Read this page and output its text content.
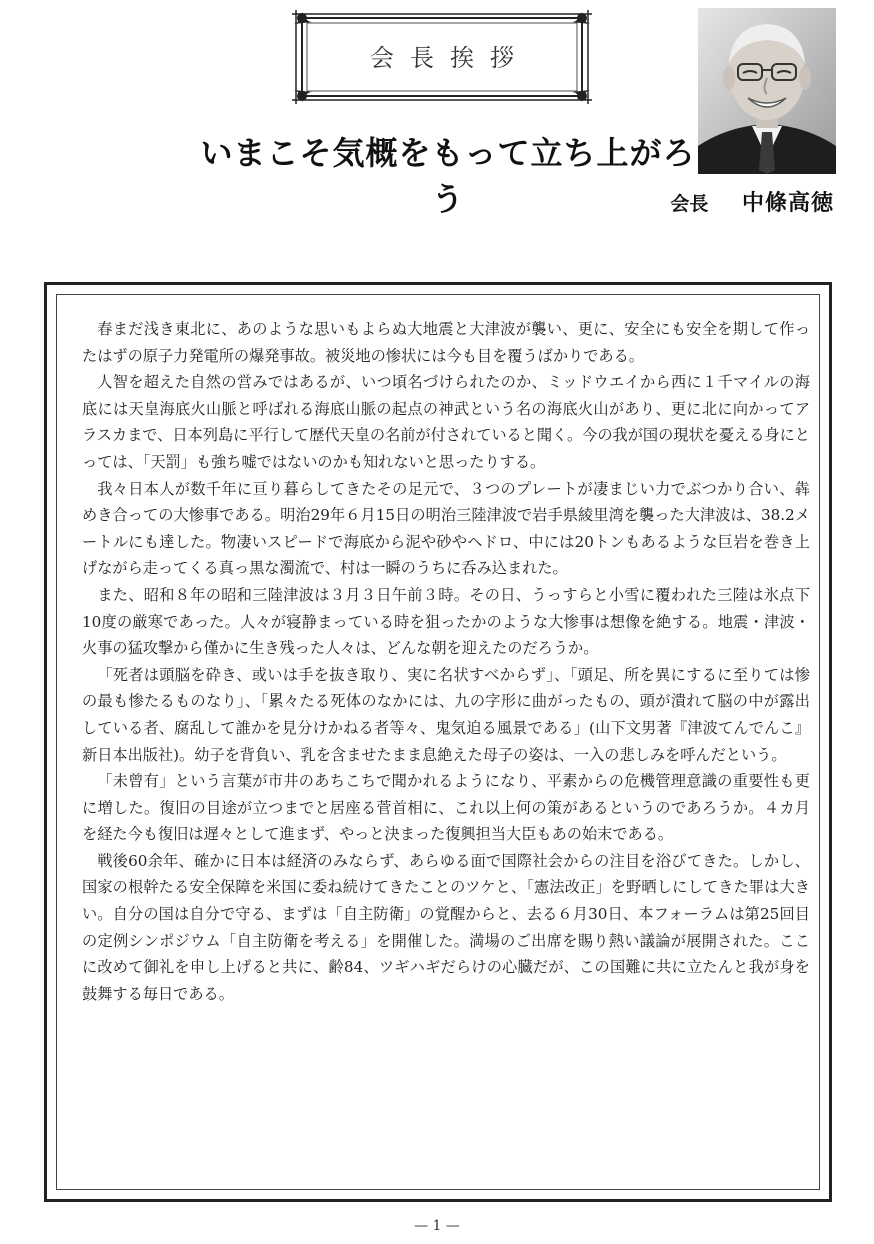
会長挨拶
いまこそ気概をもって立ち上がろう	会長 中條高徳

春まだ浅き東北に、あのような思いもよらぬ大地震と大津波が襲い、更に、安全にも安全を期して作ったはずの原子力発電所の爆発事故。被災地の惨状には今も目を覆うばかりである。

人智を超えた自然の営みではあるが、いつ頃名づけられたのか、ミッドウエイから西に１千マイルの海底には天皇海底火山脈と呼ばれる海底山脈の起点の神武という名の海底火山があり、更に北に向かってアラスカまで、日本列島に平行して歴代天皇の名前が付されていると聞く。今の我が国の現状を憂える身にとっては、「天罰」も強ち嘘ではないのかも知れないと思ったりする。

我々日本人が数千年に亘り暮らしてきたその足元で、３つのプレートが凄まじい力でぶつかり合い、犇めき合っての大惨事である。明治29年６月15日の明治三陸津波で岩手県綾里湾を襲った大津波は、38.2メートルにも達した。物凄いスピードで海底から泥や砂やヘドロ、中には20トンもあるような巨岩を巻き上げながら走ってくる真っ黒な濁流で、村は一瞬のうちに呑み込まれた。

また、昭和８年の昭和三陸津波は３月３日午前３時。その日、うっすらと小雪に覆われた三陸は氷点下10度の厳寒であった。人々が寝静まっている時を狙ったかのような大惨事は想像を絶する。地震・津波・火事の猛攻撃から僅かに生き残った人々は、どんな朝を迎えたのだろうか。

「死者は頭脳を砕き、或いは手を抜き取り、実に名状すべからず」、「頭足、所を異にするに至りては惨の最も惨たるものなり」、「累々たる死体のなかには、九の字形に曲がったもの、頭が潰れて脳の中が露出している者、腐乱して誰かを見分けかねる者等々、鬼気迫る風景である」(山下文男著『津波てんでんこ』新日本出版社)。幼子を背負い、乳を含ませたまま息絶えた母子の姿は、一入の悲しみを呼んだという。

「未曾有」という言葉が市井のあちこちで聞かれるようになり、平素からの危機管理意識の重要性も更に増した。復旧の目途が立つまでと居座る菅首相に、これ以上何の策があるというのであろうか。４カ月を経た今も復旧は遅々として進まず、やっと決まった復興担当大臣もあの始末である。

戦後60余年、確かに日本は経済のみならず、あらゆる面で国際社会からの注目を浴びてきた。しかし、国家の根幹たる安全保障を米国に委ね続けてきたことのツケと、「憲法改正」を野晒しにしてきた罪は大きい。自分の国は自分で守る、まずは「自主防衛」の覚醒からと、去る６月30日、本フォーラムは第25回目の定例シンポジウム「自主防衛を考える」を開催した。満場のご出席を賜り熱い議論が展開された。ここに改めて御礼を申し上げると共に、齢84、ツギハギだらけの心臓だが、この国難に共に立たんと我が身を鼓舞する毎日である。

— 1 —
